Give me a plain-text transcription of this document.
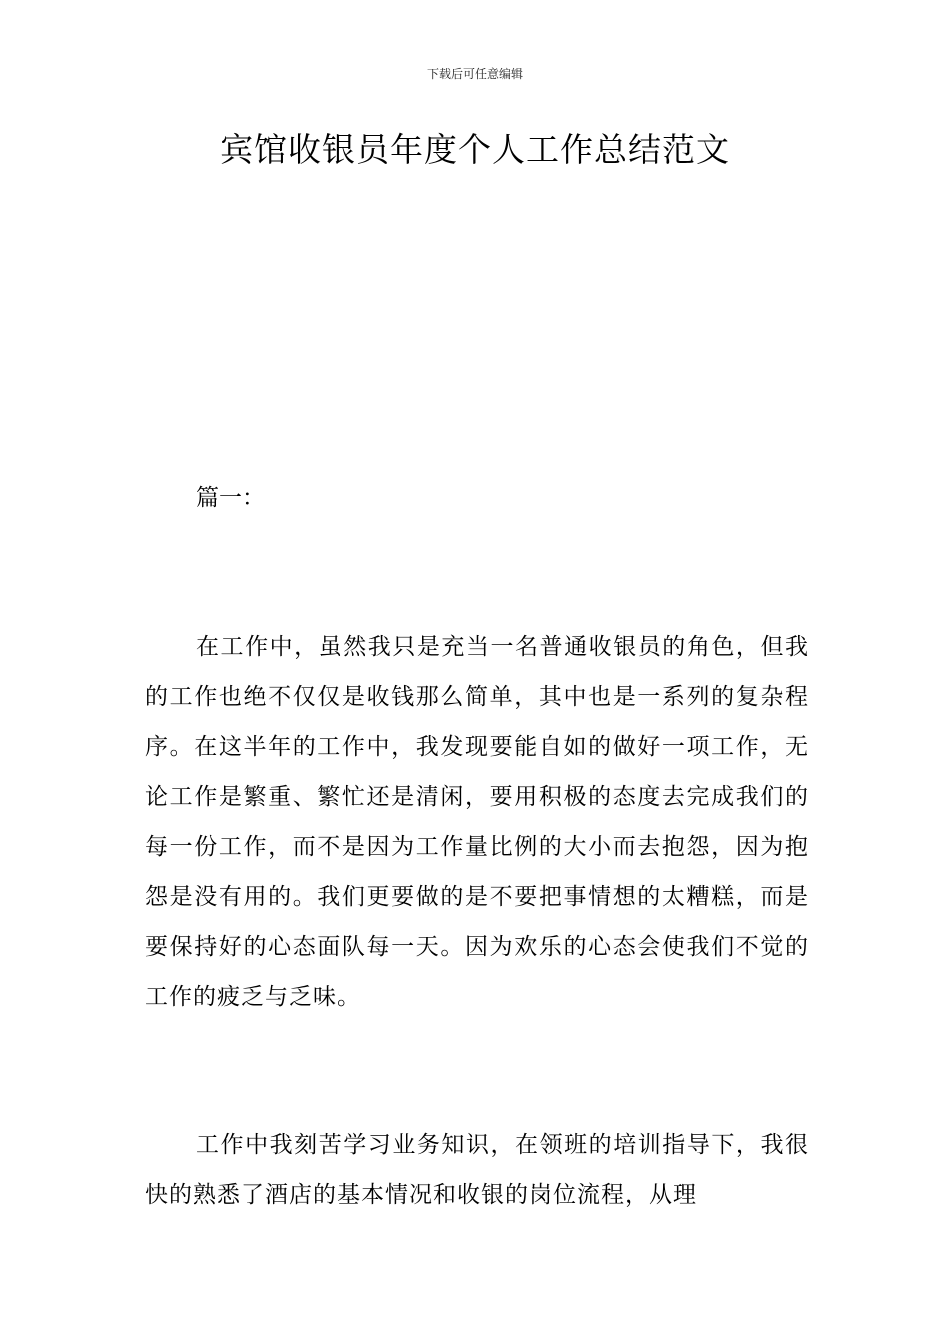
下载后可任意编辑
宾馆收银员年度个人工作总结范文

篇一：

在工作中，虽然我只是充当一名普通收银员的角色，但我的工作也绝不仅仅是收钱那么简单，其中也是一系列的复杂程序。在这半年的工作中，我发现要能自如的做好一项工作，无论工作是繁重、繁忙还是清闲，要用积极的态度去完成我们的每一份工作，而不是因为工作量比例的大小而去抱怨，因为抱怨是没有用的。我们更要做的是不要把事情想的太糟糕，而是要保持好的心态面队每一天。因为欢乐的心态会使我们不觉的工作的疲乏与乏味。

工作中我刻苦学习业务知识，在领班的培训指导下，我很快的熟悉了酒店的基本情况和收银的岗位流程，从理
